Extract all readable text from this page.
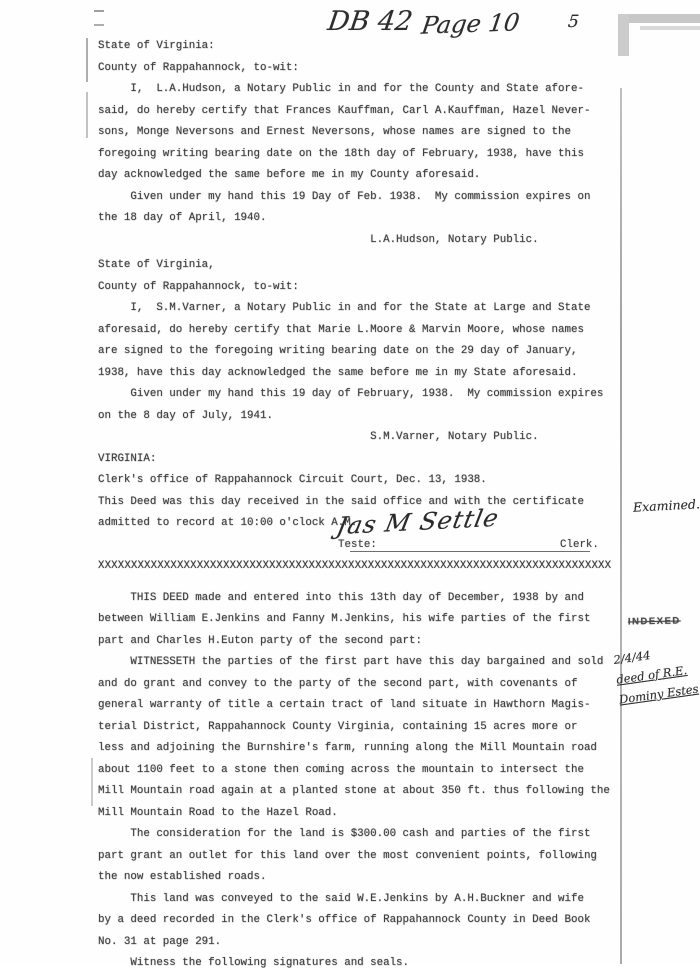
DB 42 Page 10	5
State of Virginia:
County of Rappahannock, to-wit:
I,  L.A.Hudson, a Notary Public in and for the County and State afore-
said, do hereby certify that Frances Kauffman, Carl A.Kauffman, Hazel Never-
sons, Monge Neversons and Ernest Neversons, whose names are signed to the
foregoing writing bearing date on the 18th day of February, 1938, have this
day acknowledged the same before me in my County aforesaid.
Given under my hand this 19 Day of Feb. 1938.  My commission expires on
the 18 day of April, 1940.
L.A.Hudson, Notary Public.
State of Virginia,
County of Rappahannock, to-wit:
I,  S.M.Varner, a Notary Public in and for the State at Large and State
aforesaid, do hereby certify that Marie L.Moore & Marvin Moore, whose names
are signed to the foregoing writing bearing date on the 29 day of January,
1938, have this day acknowledged the same before me in my State aforesaid.
Given under my hand this 19 day of February, 1938.  My commission expires
on the 8 day of July, 1941.
S.M.Varner, Notary Public.
VIRGINIA:
Clerk's office of Rappahannock Circuit Court, Dec. 13, 1938.
This Deed was this day received in the said office and with the certificate
admitted to record at 10:00 o'clock A.M.
Teste:	Clerk.
XXXXXXXXXXXXXXXXXXXXXXXXXXXXXXXXXXXXXXXXXXXXXXXXXXXXXXXXXXXXXXXXXXXXXXXXXXXXXX
THIS DEED made and entered into this 13th day of December, 1938 by and
between William E.Jenkins and Fanny M.Jenkins, his wife parties of the first
part and Charles H.Euton party of the second part:
WITNESSETH the parties of the first part have this day bargained and sold
and do grant and convey to the party of the second part, with covenants of
general warranty of title a certain tract of land situate in Hawthorn Magis-
terial District, Rappahannock County Virginia, containing 15 acres more or
less and adjoining the Burnshire's farm, running along the Mill Mountain road
about 1100 feet to a stone then coming across the mountain to intersect the
Mill Mountain road again at a planted stone at about 350 ft. thus following the
Mill Mountain Road to the Hazel Road.
The consideration for the land is $300.00 cash and parties of the first
part grant an outlet for this land over the most convenient points, following
the now established roads.
This land was conveyed to the said W.E.Jenkins by A.H.Buckner and wife
by a deed recorded in the Clerk's office of Rappahannock County in Deed Book
No. 31 at page 291.
Witness the following signatures and seals.
Jas M Settle	Examined.
INDEXED
2/4/44
deed of R.E.
Dominy Estes
